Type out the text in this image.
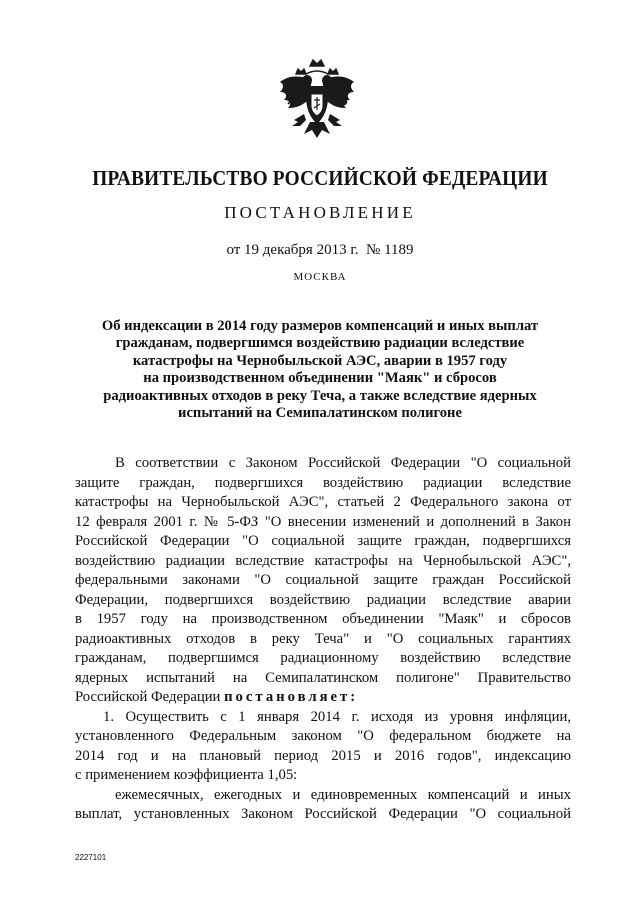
ПРАВИТЕЛЬСТВО РОССИЙСКОЙ ФЕДЕРАЦИИ
ПОСТАНОВЛЕНИЕ
от 19 декабря 2013 г. № 1189
МОСКВА
Об индексации в 2014 году размеров компенсаций и иных выплат
гражданам, подвергшимся воздействию радиации вследствие
катастрофы на Чернобыльской АЭС, аварии в 1957 году
на производственном объединении "Маяк" и сбросов
радиоактивных отходов в реку Теча, а также вследствие ядерных
испытаний на Семипалатинском полигоне
В соответствии с Законом Российской Федерации "О социальной
защите граждан, подвергшихся воздействию радиации вследствие
катастрофы на Чернобыльской АЭС", статьей 2 Федерального закона от
12 февраля 2001 г. № 5-ФЗ "О внесении изменений и дополнений в Закон
Российской Федерации "О социальной защите граждан, подвергшихся
воздействию радиации вследствие катастрофы на Чернобыльской АЭС",
федеральными законами "О социальной защите граждан Российской
Федерации, подвергшихся воздействию радиации вследствие аварии
в 1957 году на производственном объединении "Маяк" и сбросов
радиоактивных отходов в реку Теча" и "О социальных гарантиях
гражданам, подвергшимся радиационному воздействию вследствие
ядерных испытаний на Семипалатинском полигоне" Правительство
Российской Федерации постановляет:
1. Осуществить с 1 января 2014 г. исходя из уровня инфляции,
установленного Федеральным законом "О федеральном бюджете на
2014 год и на плановый период 2015 и 2016 годов", индексацию
с применением коэффициента 1,05:
ежемесячных, ежегодных и единовременных компенсаций и иных
выплат, установленных Законом Российской Федерации "О социальной
2227101
